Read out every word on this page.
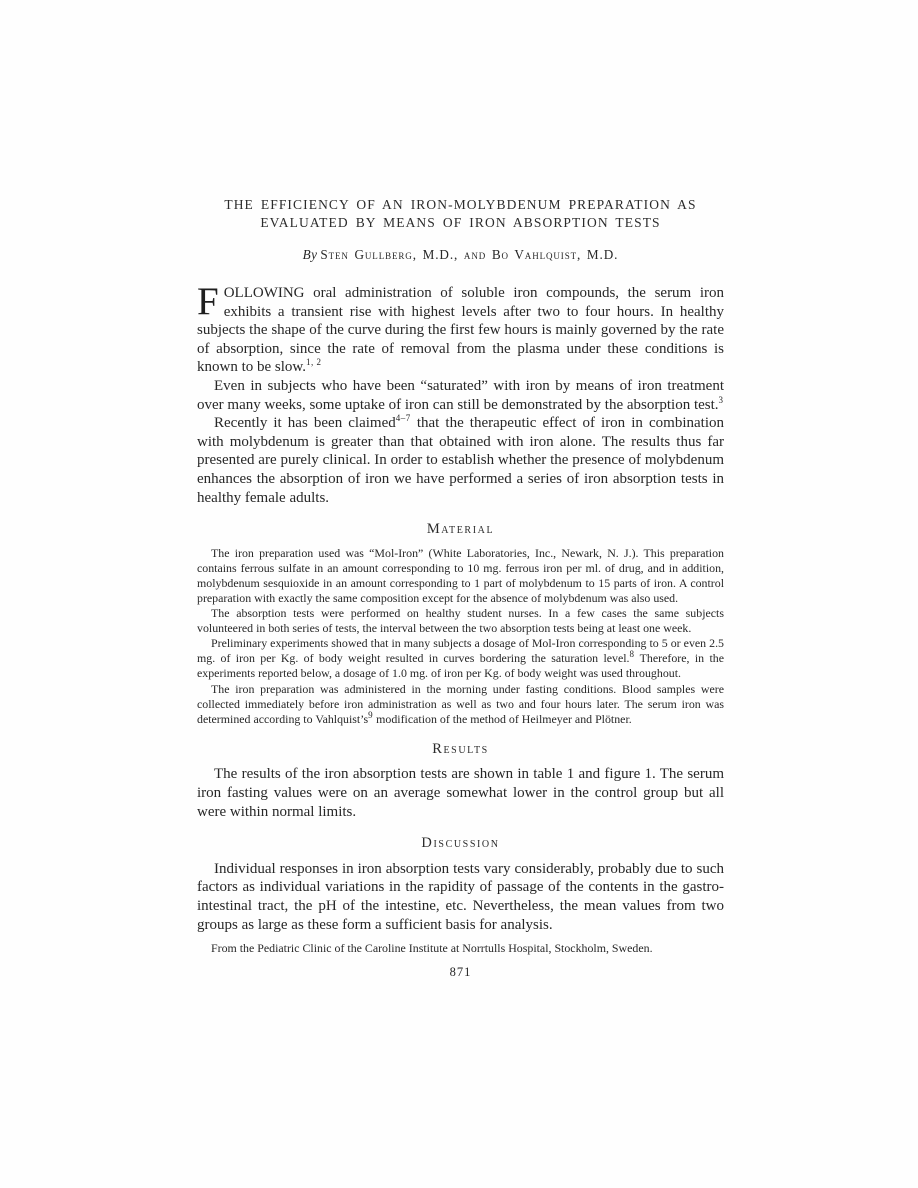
THE EFFICIENCY OF AN IRON-MOLYBDENUM PREPARATION AS
EVALUATED BY MEANS OF IRON ABSORPTION TESTS
By Sten Gullberg, M.D., and Bo Vahlquist, M.D.

FOLLOWING oral administration of soluble iron compounds, the serum iron exhibits a transient rise with highest levels after two to four hours. In healthy subjects the shape of the curve during the first few hours is mainly governed by the rate of absorption, since the rate of removal from the plasma under these conditions is known to be slow.$^{1, 2}$

Even in subjects who have been “saturated” with iron by means of iron treatment over many weeks, some uptake of iron can still be demonstrated by the absorption test.$^3$

Recently it has been claimed$^{4-7}$ that the therapeutic effect of iron in combination with molybdenum is greater than that obtained with iron alone. The results thus far presented are purely clinical. In order to establish whether the presence of molybdenum enhances the absorption of iron we have performed a series of iron absorption tests in healthy female adults.

Material

The iron preparation used was “Mol-Iron” (White Laboratories, Inc., Newark, N. J.). This preparation contains ferrous sulfate in an amount corresponding to 10 mg. ferrous iron per ml. of drug, and in addition, molybdenum sesquioxide in an amount corresponding to 1 part of molybdenum to 15 parts of iron. A control preparation with exactly the same composition except for the absence of molybdenum was also used.

The absorption tests were performed on healthy student nurses. In a few cases the same subjects volunteered in both series of tests, the interval between the two absorption tests being at least one week.

Preliminary experiments showed that in many subjects a dosage of Mol-Iron corresponding to 5 or even 2.5 mg. of iron per Kg. of body weight resulted in curves bordering the saturation level.$^8$ Therefore, in the experiments reported below, a dosage of 1.0 mg. of iron per Kg. of body weight was used throughout.

The iron preparation was administered in the morning under fasting conditions. Blood samples were collected immediately before iron administration as well as two and four hours later. The serum iron was determined according to Vahlquist’s$^9$ modification of the method of Heilmeyer and Plötner.

Results

The results of the iron absorption tests are shown in table 1 and figure 1. The serum iron fasting values were on an average somewhat lower in the control group but all were within normal limits.

Discussion

Individual responses in iron absorption tests vary considerably, probably due to such factors as individual variations in the rapidity of passage of the contents in the gastro-intestinal tract, the pH of the intestine, etc. Nevertheless, the mean values from two groups as large as these form a sufficient basis for analysis.

From the Pediatric Clinic of the Caroline Institute at Norrtulls Hospital, Stockholm, Sweden.
871
